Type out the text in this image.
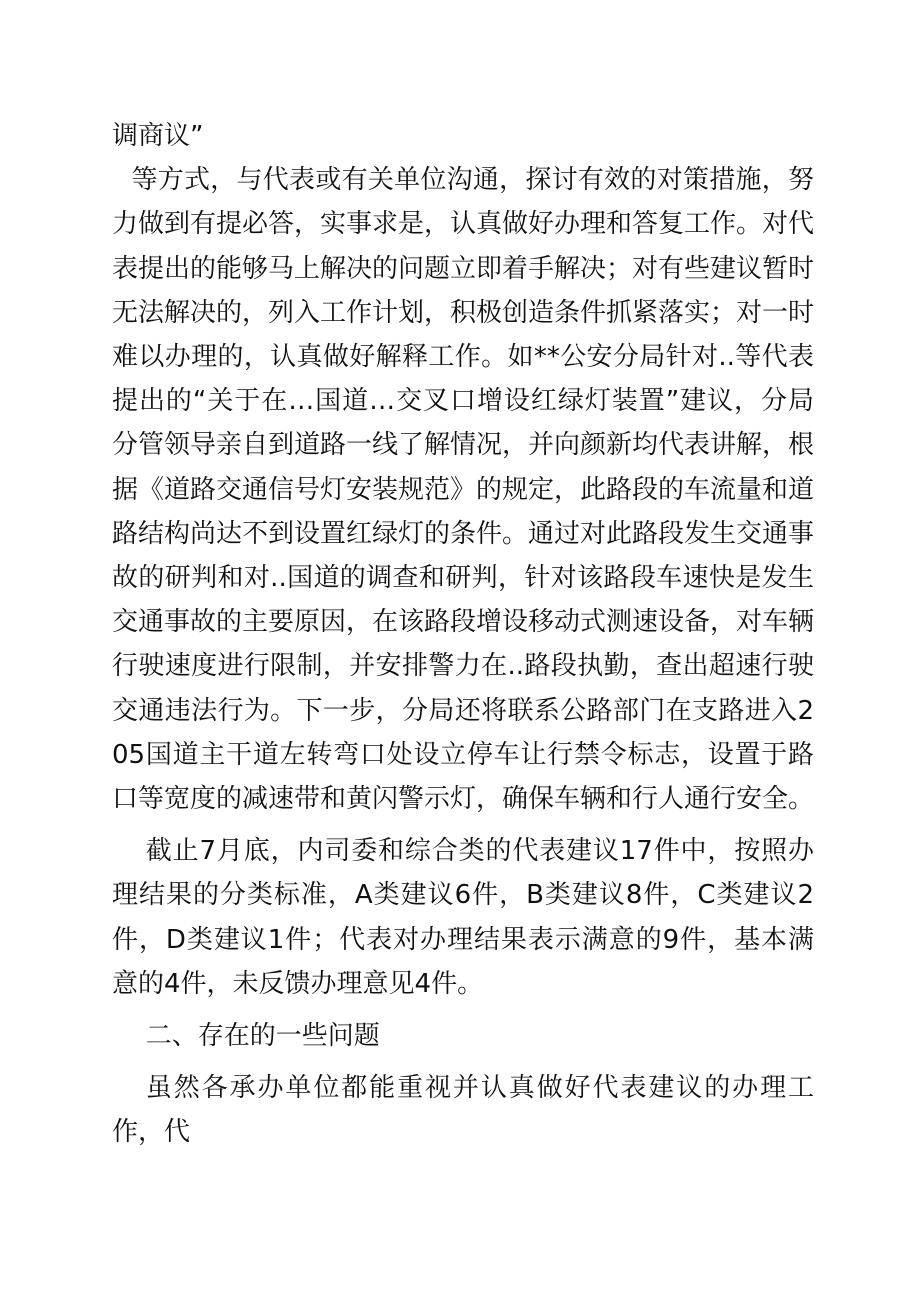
调商议”

等方式，与代表或有关单位沟通，探讨有效的对策措施，努力做到有提必答，实事求是，认真做好办理和答复工作。对代表提出的能够马上解决的问题立即着手解决；对有些建议暂时无法解决的，列入工作计划，积极创造条件抓紧落实；对一时难以办理的，认真做好解释工作。如**公安分局针对..等代表提出的“关于在…国道…交叉口增设红绿灯装置”建议，分局分管领导亲自到道路一线了解情况，并向颜新均代表讲解，根据《道路交通信号灯安装规范》的规定，此路段的车流量和道路结构尚达不到设置红绿灯的条件。通过对此路段发生交通事故的研判和对..国道的调查和研判，针对该路段车速快是发生交通事故的主要原因，在该路段增设移动式测速设备，对车辆行驶速度进行限制，并安排警力在..路段执勤，查出超速行驶交通违法行为。下一步，分局还将联系公路部门在支路进入205国道主干道左转弯口处设立停车让行禁令标志，设置于路口等宽度的减速带和黄闪警示灯，确保车辆和行人通行安全。

截止7月底，内司委和综合类的代表建议17件中，按照办理结果的分类标准，A类建议6件，B类建议8件，C类建议2件，D类建议1件；代表对办理结果表示满意的9件，基本满意的4件，未反馈办理意见4件。

二、存在的一些问题

虽然各承办单位都能重视并认真做好代表建议的办理工作，代
